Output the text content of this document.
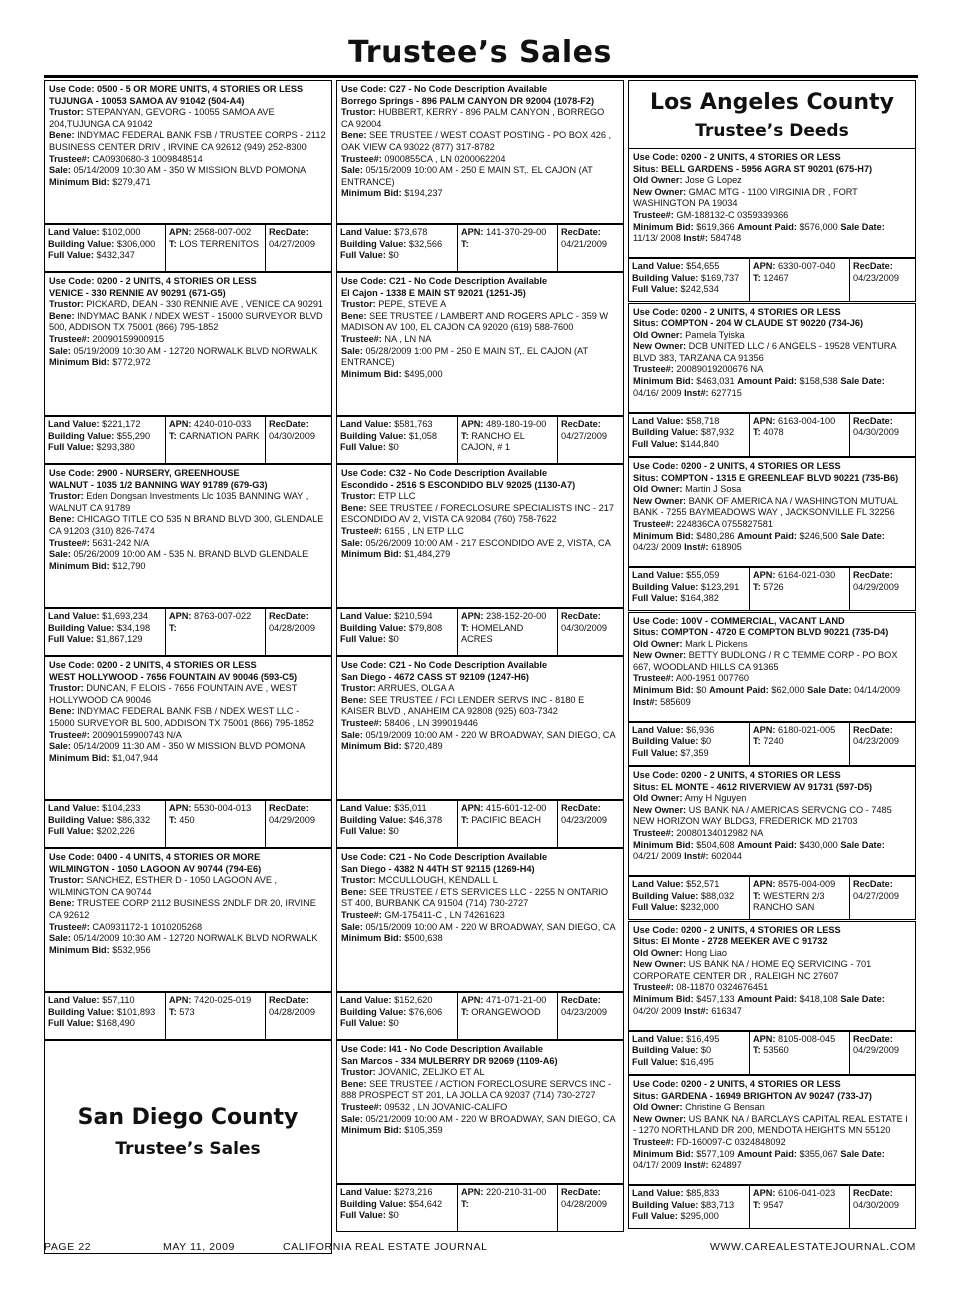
Trustee’s Sales
Use Code: 0500 - 5 OR MORE UNITS, 4 STORIES OR LESS
TUJUNGA - 10053 SAMOA AV 91042 (504-A4)
Trustor: STEPANYAN, GEVORG - 10055 SAMOA AVE 204,TUJUNGA CA 91042
Bene: INDYMAC FEDERAL BANK FSB / TRUSTEE CORPS - 2112 BUSINESS CENTER DRIV , IRVINE CA 92612 (949) 252-8300
Trustee#: CA0930680-3 1009848514
Sale: 05/14/2009 10:30 AM - 350 W MISSION BLVD POMONA
Minimum Bid: $279,471
Land Value: $102,000
Building Value: $306,000
Full Value: $432,347
APN: 2568-007-002
T: LOS TERRENITOS
RecDate:
04/27/2009
Use Code: 0200 - 2 UNITS, 4 STORIES OR LESS
VENICE - 330 RENNIE AV 90291 (671-G5)
Trustor: PICKARD, DEAN - 330 RENNIE AVE , VENICE CA 90291
Bene: INDYMAC BANK / NDEX WEST - 15000 SURVEYOR BLVD 500, ADDISON TX 75001 (866) 795-1852
Trustee#: 20090159900915
Sale: 05/19/2009 10:30 AM - 12720 NORWALK BLVD NORWALK
Minimum Bid: $772,972
Land Value: $221,172
Building Value: $55,290
Full Value: $293,380
APN: 4240-010-033
T: CARNATION PARK
RecDate:
04/30/2009
Use Code: 2900 - NURSERY, GREENHOUSE
WALNUT - 1035 1/2 BANNING WAY 91789 (679-G3)
Trustor: Eden Dongsan Investments Llc 1035 BANNING WAY , WALNUT CA 91789
Bene: CHICAGO TITLE CO 535 N BRAND BLVD 300, GLENDALE CA 91203 (310) 826-7474
Trustee#: 5631-242 N/A
Sale: 05/26/2009 10:00 AM - 535 N. BRAND BLVD GLENDALE
Minimum Bid: $12,790
Land Value: $1,693,234
Building Value: $34,198
Full Value: $1,867,129
APN: 8763-007-022
T:
RecDate:
04/28/2009
Use Code: 0200 - 2 UNITS, 4 STORIES OR LESS
WEST HOLLYWOOD - 7656 FOUNTAIN AV 90046 (593-C5)
Trustor: DUNCAN, F ELOIS - 7656 FOUNTAIN AVE , WEST HOLLYWOOD CA 90046
Bene: INDYMAC FEDERAL BANK FSB / NDEX WEST LLC - 15000 SURVEYOR BL 500, ADDISON TX 75001 (866) 795-1852
Trustee#: 20090159900743 N/A
Sale: 05/14/2009 11:30 AM - 350 W MISSION BLVD POMONA
Minimum Bid: $1,047,944
Land Value: $104,233
Building Value: $86,332
Full Value: $202,226
APN: 5530-004-013
T: 450
RecDate:
04/29/2009
Use Code: 0400 - 4 UNITS, 4 STORIES OR MORE
WILMINGTON - 1050 LAGOON AV 90744 (794-E6)
Trustor: SANCHEZ, ESTHER D - 1050 LAGOON AVE , WILMINGTON CA 90744
Bene: TRUSTEE CORP 2112 BUSINESS 2NDLF DR 20, IRVINE CA 92612
Trustee#: CA0931172-1 1010205268
Sale: 05/14/2009 10:30 AM - 12720 NORWALK BLVD NORWALK
Minimum Bid: $532,956
Land Value: $57,110
Building Value: $101,893
Full Value: $168,490
APN: 7420-025-019
T: 573
RecDate:
04/28/2009
San Diego County
Trustee’s Sales
Use Code: C27 - No Code Description Available
Borrego Springs - 896 PALM CANYON DR 92004 (1078-F2)
Trustor: HUBBERT, KERRY - 896 PALM CANYON , BORREGO CA 92004
Bene: SEE TRUSTEE / WEST COAST POSTING - PO BOX 426 , OAK VIEW CA 93022 (877) 317-8782
Trustee#: 0900855CA , LN 0200062204
Sale: 05/15/2009 10:00 AM - 250 E MAIN ST,. EL CAJON (AT ENTRANCE)
Minimum Bid: $194,237
Land Value: $73,678
Building Value: $32,566
Full Value: $0
APN: 141-370-29-00
T:
RecDate:
04/21/2009
Use Code: C21 - No Code Description Available
El Cajon - 1338 E MAIN ST 92021 (1251-J5)
Trustor: PEPE, STEVE A
Bene: SEE TRUSTEE / LAMBERT AND ROGERS APLC - 359 W MADISON AV 100, EL CAJON CA 92020 (619) 588-7600
Trustee#: NA , LN NA
Sale: 05/28/2009 1:00 PM - 250 E MAIN ST,. EL CAJON (AT ENTRANCE)
Minimum Bid: $495,000
Land Value: $581,763
Building Value: $1,058
Full Value: $0
APN: 489-180-19-00
T: RANCHO EL CAJON, # 1
RecDate:
04/27/2009
Use Code: C32 - No Code Description Available
Escondido - 2516 S ESCONDIDO BLV 92025 (1130-A7)
Trustor: ETP LLC
Bene: SEE TRUSTEE / FORECLOSURE SPECIALISTS INC - 217 ESCONDIDO AV 2, VISTA CA 92084 (760) 758-7622
Trustee#: 6155 , LN ETP LLC
Sale: 05/26/2009 10:00 AM - 217 ESCONDIDO AVE 2, VISTA, CA
Minimum Bid: $1,484,279
Land Value: $210,594
Building Value: $79,808
Full Value: $0
APN: 238-152-20-00
T: HOMELAND ACRES
RecDate:
04/30/2009
Use Code: C21 - No Code Description Available
San Diego - 4672 CASS ST 92109 (1247-H6)
Trustor: ARRUES, OLGA A
Bene: SEE TRUSTEE / FCI LENDER SERVS INC - 8180 E KAISER BLVD , ANAHEIM CA 92808 (925) 603-7342
Trustee#: 58406 , LN 399019446
Sale: 05/19/2009 10:00 AM - 220 W BROADWAY, SAN DIEGO, CA
Minimum Bid: $720,489
Land Value: $35,011
Building Value: $46,378
Full Value: $0
APN: 415-601-12-00
T: PACIFIC BEACH
RecDate:
04/23/2009
Use Code: C21 - No Code Description Available
San Diego - 4382 N 44TH ST 92115 (1269-H4)
Trustor: MCCULLOUGH, KENDALL L
Bene: SEE TRUSTEE / ETS SERVICES LLC - 2255 N ONTARIO ST 400, BURBANK CA 91504 (714) 730-2727
Trustee#: GM-175411-C , LN 74261623
Sale: 05/15/2009 10:00 AM - 220 W BROADWAY, SAN DIEGO, CA
Minimum Bid: $500,638
Land Value: $152,620
Building Value: $76,606
Full Value: $0
APN: 471-071-21-00
T: ORANGEWOOD
RecDate:
04/23/2009
Use Code: I41 - No Code Description Available
San Marcos - 334 MULBERRY DR 92069 (1109-A6)
Trustor: JOVANIC, ZELJKO ET AL
Bene: SEE TRUSTEE / ACTION FORECLOSURE SERVCS INC - 888 PROSPECT ST 201, LA JOLLA CA 92037 (714) 730-2727
Trustee#: 09532 , LN JOVANIC-CALIFO
Sale: 05/21/2009 10:00 AM - 220 W BROADWAY, SAN DIEGO, CA
Minimum Bid: $105,359
Land Value: $273,216
Building Value: $54,642
Full Value: $0
APN: 220-210-31-00
T:
RecDate:
04/28/2009
Los Angeles County
Trustee’s Deeds
Use Code: 0200 - 2 UNITS, 4 STORIES OR LESS
Situs: BELL GARDENS - 5956 AGRA ST 90201 (675-H7)
Old Owner: Jose G Lopez
New Owner: GMAC MTG - 1100 VIRGINIA DR , FORT WASHINGTON PA 19034
Trustee#: GM-188132-C 0359339366
Minimum Bid: $619,366 Amount Paid: $576,000 Sale Date: 11/13/ 2008 Inst#: 584748
Land Value: $54,655
Building Value: $169,737
Full Value: $242,534
APN: 6330-007-040
T: 12467
RecDate:
04/23/2009
Use Code: 0200 - 2 UNITS, 4 STORIES OR LESS
Situs: COMPTON - 204 W CLAUDE ST 90220 (734-J6)
Old Owner: Pamela Tyiska
New Owner: DCB UNITED LLC / 6 ANGELS - 19528 VENTURA BLVD 383, TARZANA CA 91356
Trustee#: 20089019200676 NA
Minimum Bid: $463,031 Amount Paid: $158,538 Sale Date: 04/16/ 2009 Inst#: 627715
Land Value: $58,718
Building Value: $87,932
Full Value: $144,840
APN: 6163-004-100
T: 4078
RecDate:
04/30/2009
Use Code: 0200 - 2 UNITS, 4 STORIES OR LESS
Situs: COMPTON - 1315 E GREENLEAF BLVD 90221 (735-B6)
Old Owner: Martin J Sosa
New Owner: BANK OF AMERICA NA / WASHINGTON MUTUAL BANK - 7255 BAYMEADOWS WAY , JACKSONVILLE FL 32256
Trustee#: 224836CA 0755827581
Minimum Bid: $480,286 Amount Paid: $246,500 Sale Date: 04/23/ 2009 Inst#: 618905
Land Value: $55,059
Building Value: $123,291
Full Value: $164,382
APN: 6164-021-030
T: 5726
RecDate:
04/29/2009
Use Code: 100V - COMMERCIAL, VACANT LAND
Situs: COMPTON - 4720 E COMPTON BLVD 90221 (735-D4)
Old Owner: Mark L Pickens
New Owner: BETTY BUDLONG / R C TEMME CORP - PO BOX 667, WOODLAND HILLS CA 91365
Trustee#: A00-1951 007760
Minimum Bid: $0 Amount Paid: $62,000 Sale Date: 04/14/2009 Inst#: 585609
Land Value: $6,936
Building Value: $0
Full Value: $7,359
APN: 6180-021-005
T: 7240
RecDate:
04/23/2009
Use Code: 0200 - 2 UNITS, 4 STORIES OR LESS
Situs: EL MONTE - 4612 RIVERVIEW AV 91731 (597-D5)
Old Owner: Amy H Nguyen
New Owner: US BANK NA / AMERICAS SERVCNG CO - 7485 NEW HORIZON WAY BLDG3, FREDERICK MD 21703
Trustee#: 20080134012982 NA
Minimum Bid: $504,608 Amount Paid: $430,000 Sale Date: 04/21/ 2009 Inst#: 602044
Land Value: $52,571
Building Value: $88,032
Full Value: $232,000
APN: 8575-004-009
T: WESTERN 2/3 RANCHO SAN
RecDate:
04/27/2009
Use Code: 0200 - 2 UNITS, 4 STORIES OR LESS
Situs: El Monte - 2728 MEEKER AVE C 91732
Old Owner: Hong Liao
New Owner: US BANK NA / HOME EQ SERVICING - 701 CORPORATE CENTER DR , RALEIGH NC 27607
Trustee#: 08-11870 0324676451
Minimum Bid: $457,133 Amount Paid: $418,108 Sale Date: 04/20/ 2009 Inst#: 616347
Land Value: $16,495
Building Value: $0
Full Value: $16,495
APN: 8105-008-045
T: 53560
RecDate:
04/29/2009
Use Code: 0200 - 2 UNITS, 4 STORIES OR LESS
Situs: GARDENA - 16949 BRIGHTON AV 90247 (733-J7)
Old Owner: Christine G Bensan
New Owner: US BANK NA / BARCLAYS CAPITAL REAL ESTATE I - 1270 NORTHLAND DR 200, MENDOTA HEIGHTS MN 55120
Trustee#: FD-160097-C 0324848092
Minimum Bid: $577,109 Amount Paid: $355,067 Sale Date: 04/17/ 2009 Inst#: 624897
Land Value: $85,833
Building Value: $83,713
Full Value: $295,000
APN: 6106-041-023
T: 9547
RecDate:
04/30/2009
PAGE 22	MAY 11, 2009	CALIFORNIA REAL ESTATE JOURNAL	WWW.CAREALESTATEJOURNAL.COM
